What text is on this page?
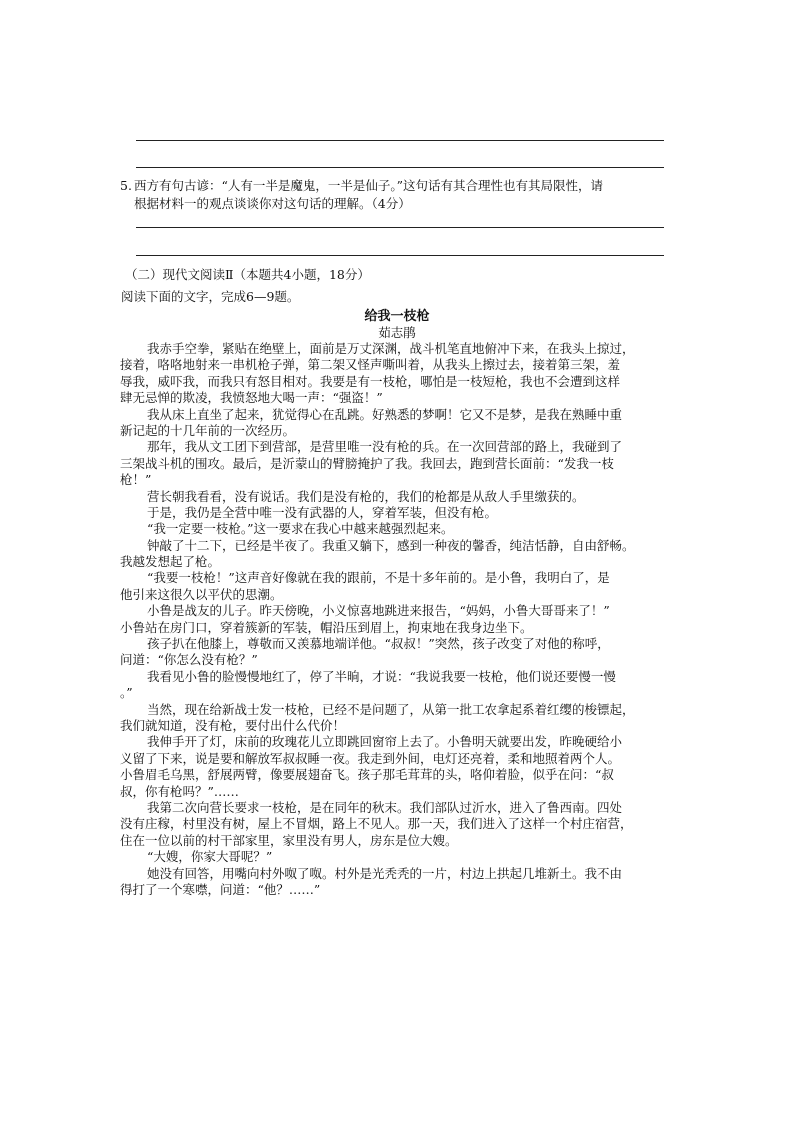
5. 西方有句古谚：“人有一半是魔鬼，一半是仙子。”这句话有其合理性也有其局限性，请
根据材料一的观点谈谈你对这句话的理解。（4分）
（二）现代文阅读Ⅱ（本题共4小题，18分）
阅读下面的文字，完成6—9题。
给我一枝枪
茹志鹃
我赤手空拳，紧贴在绝壁上，面前是万丈深渊，战斗机笔直地俯冲下来，在我头上掠过，
接着，咯咯地射来一串机枪子弹，第二架又怪声嘶叫着，从我头上擦过去，接着第三架，羞
辱我，威吓我，而我只有怒目相对。我要是有一枝枪，哪怕是一枝短枪，我也不会遭到这样
肆无忌惮的欺凌，我愤怒地大喝一声：“强盗！”
我从床上直坐了起来，犹觉得心在乱跳。好熟悉的梦啊！它又不是梦，是我在熟睡中重
新记起的十几年前的一次经历。
那年，我从文工团下到营部，是营里唯一没有枪的兵。在一次回营部的路上，我碰到了
三架战斗机的围攻。最后，是沂蒙山的臂膀掩护了我。我回去，跑到营长面前：“发我一枝
枪！”
营长朝我看看，没有说话。我们是没有枪的，我们的枪都是从敌人手里缴获的。
于是，我仍是全营中唯一没有武器的人，穿着军装，但没有枪。
“我一定要一枝枪。”这一要求在我心中越来越强烈起来。
钟敲了十二下，已经是半夜了。我重又躺下，感到一种夜的馨香，纯洁恬静，自由舒畅。
我越发想起了枪。
“我要一枝枪！”这声音好像就在我的跟前，不是十多年前的。是小鲁，我明白了，是
他引来这很久以平伏的思潮。
小鲁是战友的儿子。昨天傍晚，小义惊喜地跳进来报告，“妈妈，小鲁大哥哥来了！”
小鲁站在房门口，穿着簇新的军装，帽沿压到眉上，拘束地在我身边坐下。
孩子扒在他膝上，尊敬而又羡慕地端详他。“叔叔！”突然，孩子改变了对他的称呼，
问道：“你怎么没有枪？”
我看见小鲁的脸慢慢地红了，停了半晌，才说：“我说我要一枝枪，他们说还要慢一慢
。”
当然，现在给新战士发一枝枪，已经不是问题了，从第一批工农拿起系着红缨的梭镖起，
我们就知道，没有枪，要付出什么代价！
我伸手开了灯，床前的玫瑰花儿立即跳回窗帘上去了。小鲁明天就要出发，昨晚硬给小
义留了下来，说是要和解放军叔叔睡一夜。我走到外间，电灯还亮着，柔和地照着两个人。
小鲁眉毛乌黑，舒展两臂，像要展翅奋飞。孩子那毛茸茸的头，咯仰着脸，似乎在问：“叔
叔，你有枪吗？”……
我第二次向营长要求一枝枪，是在同年的秋末。我们部队过沂水，进入了鲁西南。四处
没有庄稼，村里没有树，屋上不冒烟，路上不见人。那一天，我们进入了这样一个村庄宿营，
住在一位以前的村干部家里，家里没有男人，房东是位大嫂。
“大嫂，你家大哥呢？”
她没有回答，用嘴向村外呶了呶。村外是光秃秃的一片，村边上拱起几堆新土。我不由
得打了一个寒噤，问道：“他？……”
